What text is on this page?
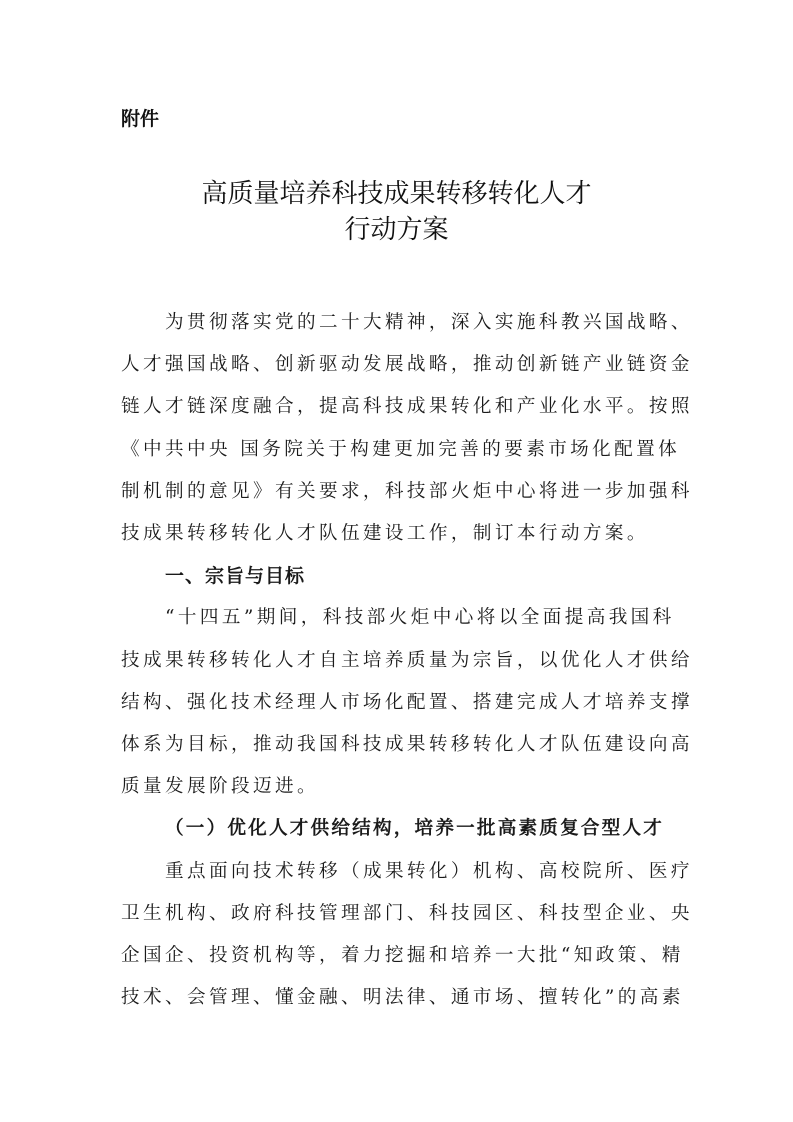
附件
高质量培养科技成果转移转化人才
行动方案
为贯彻落实党的二十大精神，深入实施科教兴国战略、
人才强国战略、创新驱动发展战略，推动创新链产业链资金
链人才链深度融合，提高科技成果转化和产业化水平。按照
《中共中央 国务院关于构建更加完善的要素市场化配置体
制机制的意见》有关要求，科技部火炬中心将进一步加强科
技成果转移转化人才队伍建设工作，制订本行动方案。
一、宗旨与目标
“十四五”期间，科技部火炬中心将以全面提高我国科
技成果转移转化人才自主培养质量为宗旨，以优化人才供给
结构、强化技术经理人市场化配置、搭建完成人才培养支撑
体系为目标，推动我国科技成果转移转化人才队伍建设向高
质量发展阶段迈进。
（一）优化人才供给结构，培养一批高素质复合型人才
重点面向技术转移（成果转化）机构、高校院所、医疗
卫生机构、政府科技管理部门、科技园区、科技型企业、央
企国企、投资机构等，着力挖掘和培养一大批“知政策、精
技术、会管理、懂金融、明法律、通市场、擅转化”的高素
